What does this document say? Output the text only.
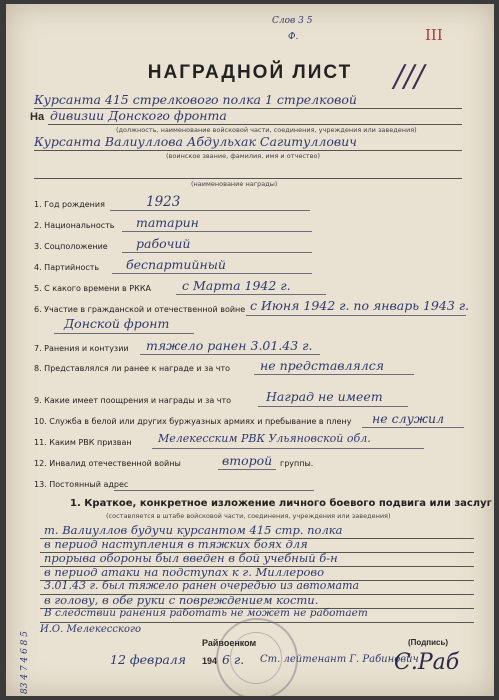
Слов 3 5
Ф.	III
///
НАГРАДНОЙ ЛИСТ
Курсанта 415 стрелкового полка 1 стрелковой
На дивизии Донского фронта
(должность, наименование войсковой части, соединения, учреждения или заведения)
Курсанта Валиуллова Абдульхак Сагитуллович
(воинское звание, фамилия, имя и отчество)
(наименование награды)
1. Год рождения	1923
2. Национальность татарин
3. Соцположение рабочий
4. Партийность беспартийный
5. С какого времени в РККА с Марта 1942 г.
6. Участие в гражданской и отечественной войне с Июня 1942 г. по январь 1943 г.
Донской фронт
7. Ранения и контузии тяжело ранен 3.01.43 г.
8. Представлялся ли ранее к награде и за что не представлялся
9. Какие имеет поощрения и награды и за что	Наград не имеет
10. Служба в белой или других буржуазных армиях и пребывание в плену не служил
11. Каким РВК призван Мелекесским РВК Ульяновской обл.
12. Инвалид отечественной войны	второй группы.
13. Постоянный адрес
1. Краткое, конкретное изложение личного боевого подвига или заслуг
(составляется в штабе войсковой части, соединения, учреждения или заведения)
т. Валиуллов будучи курсантом 415 стр. полка
в период наступления в тяжких боях для
прорыва обороны был введен в бой учебный б-н
в период атаки на подступах к г. Миллерово
3.01.43 г. был тяжело ранен очередью из автомата
в голову, в обе руки с повреждением кости.
В следствии ранения работать не может не работает
И.О. Мелекесского
Райвоенком
12 февраля 194 6 г. Ст. лейтенант Г. Рабинович
(Подпись)
С.Раб
83 4 7 4 6 8 5
